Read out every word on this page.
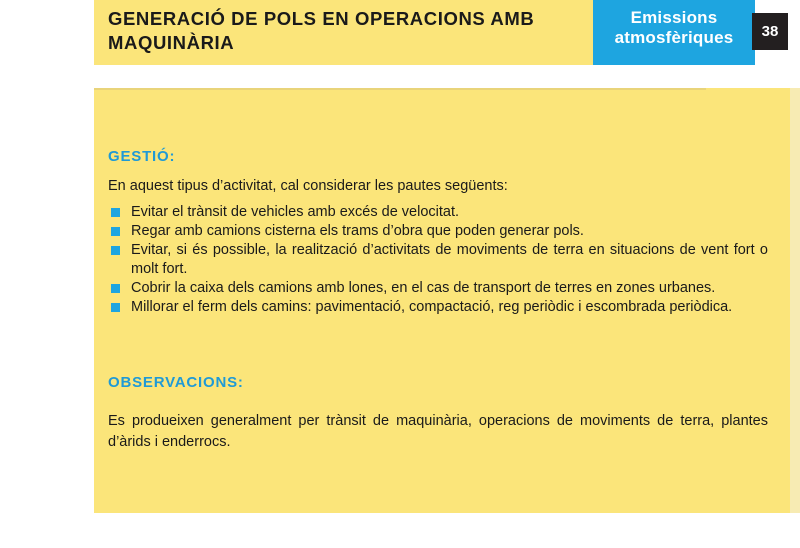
GENERACIÓ DE POLS EN OPERACIONS AMB
MAQUINÀRIA
Emissions
atmosfèriques	38
GESTIÓ:

En aquest tipus d’activitat, cal considerar les pautes següents:

Evitar el trànsit de vehicles amb excés de velocitat.
Regar amb camions cisterna els trams d’obra que poden generar pols.
Evitar, si és possible, la realització d’activitats de moviments de terra en situacions de vent fort o molt fort.
Cobrir la caixa dels camions amb lones, en el cas de transport de terres en zones urbanes.
Millorar el ferm dels camins: pavimentació, compactació, reg periòdic i escombrada periòdica.
OBSERVACIONS:

Es produeixen generalment per trànsit de maquinària, operacions de moviments de terra, plantes d’àrids i enderrocs.
